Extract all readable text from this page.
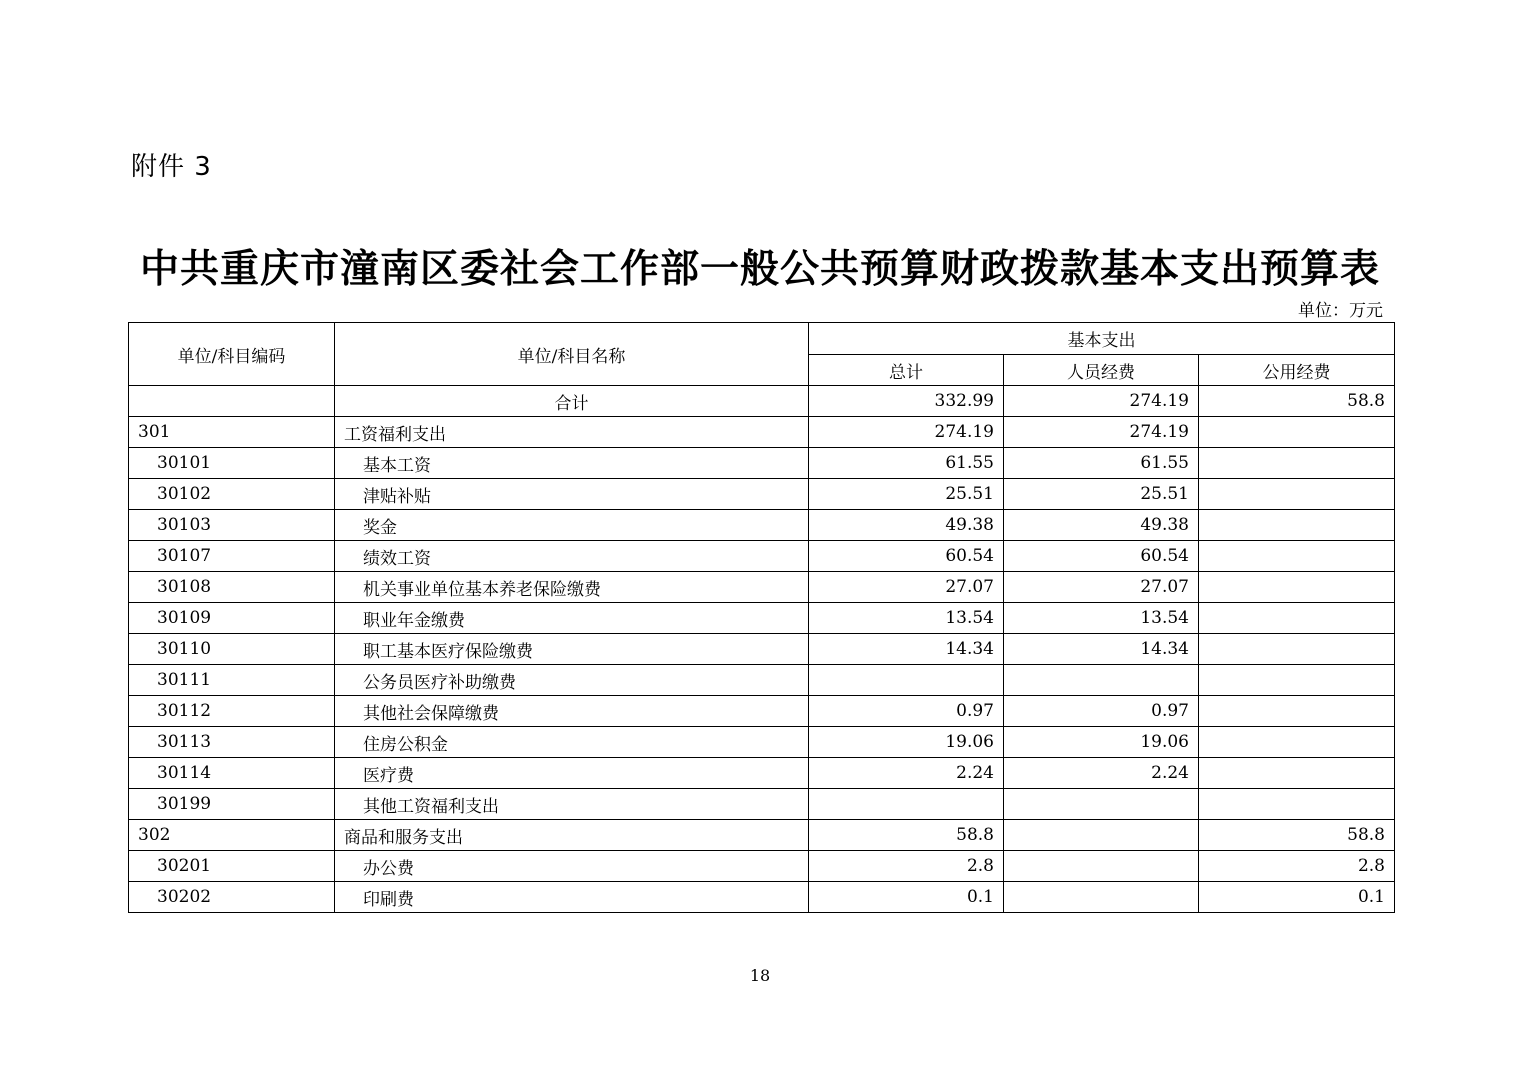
附件 3
中共重庆市潼南区委社会工作部一般公共预算财政拨款基本支出预算表
单位：万元
单位/科目编码	单位/科目名称	基本支出		
		总计	人员经费	公用经费
	合计	332.99	274.19	58.8
301	工资福利支出	274.19	274.19	
30101	基本工资	61.55	61.55	
30102	津贴补贴	25.51	25.51	
30103	奖金	49.38	49.38	
30107	绩效工资	60.54	60.54	
30108	机关事业单位基本养老保险缴费	27.07	27.07	
30109	职业年金缴费	13.54	13.54	
30110	职工基本医疗保险缴费	14.34	14.34	
30111	公务员医疗补助缴费			
30112	其他社会保障缴费	0.97	0.97	
30113	住房公积金	19.06	19.06	
30114	医疗费	2.24	2.24	
30199	其他工资福利支出			
302	商品和服务支出	58.8		58.8
30201	办公费	2.8		2.8
30202	印刷费	0.1		0.1
18
